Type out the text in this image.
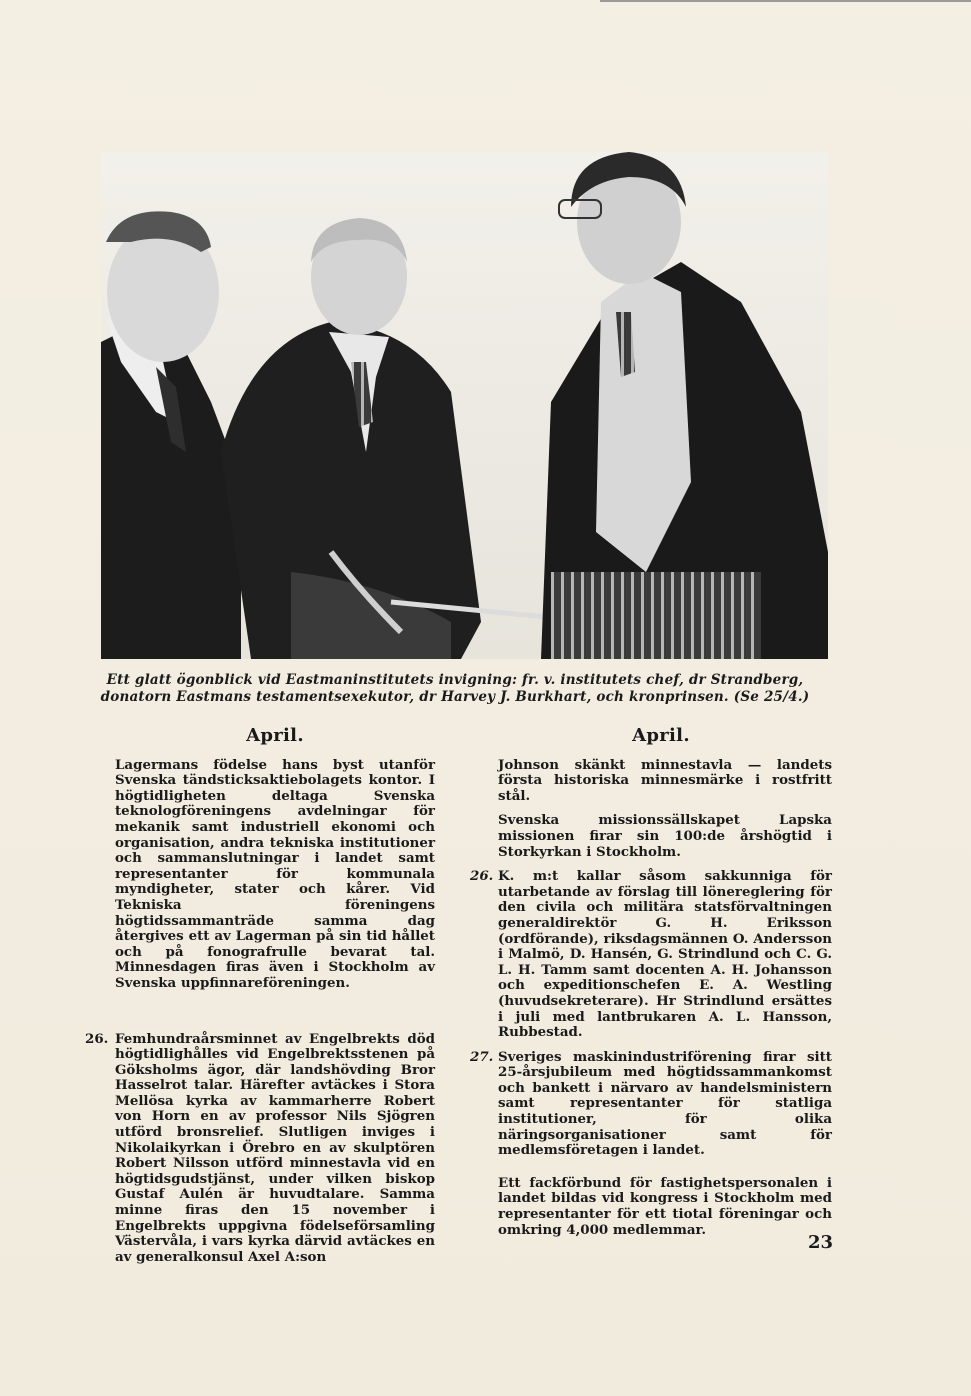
Ett glatt ögonblick vid Eastmaninstitutets invigning: fr. v. institutets chef, dr Strandberg,
donatorn Eastmans testamentsexekutor, dr Harvey J. Burkhart, och kronprinsen. (Se 25/4.)
April.
Lagermans födelse hans byst utanför Svenska tändsticksaktiebolagets kontor. I högtidligheten deltaga Svenska teknologföreningens avdelningar för mekanik samt industriell ekonomi och organisation, andra tekniska institutioner och sammanslutningar i landet samt representanter för kommunala myndigheter, stater och kårer. Vid Tekniska föreningens högtidssammanträde samma dag återgives ett av Lagerman på sin tid hållet och på fonografrulle bevarat tal. Minnesdagen firas även i Stockholm av Svenska uppfinnareföreningen.
26. Femhundraårsminnet av Engelbrekts död högtidlighålles vid Engelbrektsstenen på Göksholms ägor, där landshövding Bror Hasselrot talar. Härefter avtäckes i Stora Mellösa kyrka av kammarherre Robert von Horn en av professor Nils Sjögren utförd bronsrelief. Slutligen inviges i Nikolaikyrkan i Örebro en av skulptören Robert Nilsson utförd minnestavla vid en högtidsgudstjänst, under vilken biskop Gustaf Aulén är huvudtalare. Samma minne firas den 15 november i Engelbrekts uppgivna födelseförsamling Västervåla, i vars kyrka därvid avtäckes en av generalkonsul Axel A:son
April.
Johnson skänkt minnestavla — landets första historiska minnesmärke i rostfritt stål.
Svenska missionssällskapet Lapska missionen firar sin 100:de årshögtid i Storkyrkan i Stockholm.
26. K. m:t kallar såsom sakkunniga för utarbetande av förslag till lönereglering för den civila och militära statsförvaltningen generaldirektör G. H. Eriksson (ordförande), riksdagsmännen O. Andersson i Malmö, D. Hansén, G. Strindlund och C. G. L. H. Tamm samt docenten A. H. Johansson och expeditionschefen E. A. Westling (huvudsekreterare). Hr Strindlund ersättes i juli med lantbrukaren A. L. Hansson, Rubbestad.
27. Sveriges maskinindustriförening firar sitt 25-årsjubileum med högtidssammankomst och bankett i närvaro av handelsministern samt representanter för statliga institutioner, för olika näringsorganisationer samt för medlemsföretagen i landet.
Ett fackförbund för fastighetspersonalen i landet bildas vid kongress i Stockholm med representanter för ett tiotal föreningar och omkring 4,000 medlemmar.
23
